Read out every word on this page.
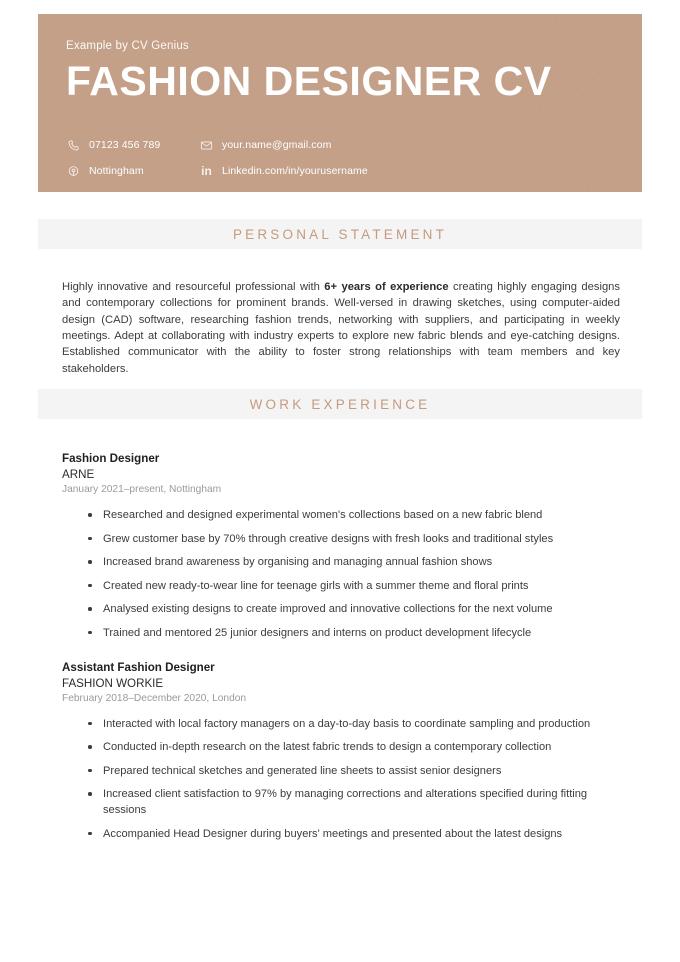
Example by CV Genius

FASHION DESIGNER CV
07123 456 789	your.name@gmail.com
Nottingham	in Linkedin.com/in/yourusername
PERSONAL STATEMENT

Highly innovative and resourceful professional with 6+ years of experience creating highly engaging designs and contemporary collections for prominent brands. Well-versed in drawing sketches, using computer-aided design (CAD) software, researching fashion trends, networking with suppliers, and participating in weekly meetings. Adept at collaborating with industry experts to explore new fabric blends and eye-catching designs. Established communicator with the ability to foster strong relationships with team members and key stakeholders.

WORK EXPERIENCE

Fashion Designer

ARNE

January 2021–present, Nottingham

Researched and designed experimental women's collections based on a new fabric blend
Grew customer base by 70% through creative designs with fresh looks and traditional styles
Increased brand awareness by organising and managing annual fashion shows
Created new ready-to-wear line for teenage girls with a summer theme and floral prints
Analysed existing designs to create improved and innovative collections for the next volume
Trained and mentored 25 junior designers and interns on product development lifecycle

Assistant Fashion Designer

FASHION WORKIE

February 2018–December 2020, London

Interacted with local factory managers on a day-to-day basis to coordinate sampling and production
Conducted in-depth research on the latest fabric trends to design a contemporary collection
Prepared technical sketches and generated line sheets to assist senior designers
Increased client satisfaction to 97% by managing corrections and alterations specified during fitting sessions
Accompanied Head Designer during buyers' meetings and presented about the latest designs
